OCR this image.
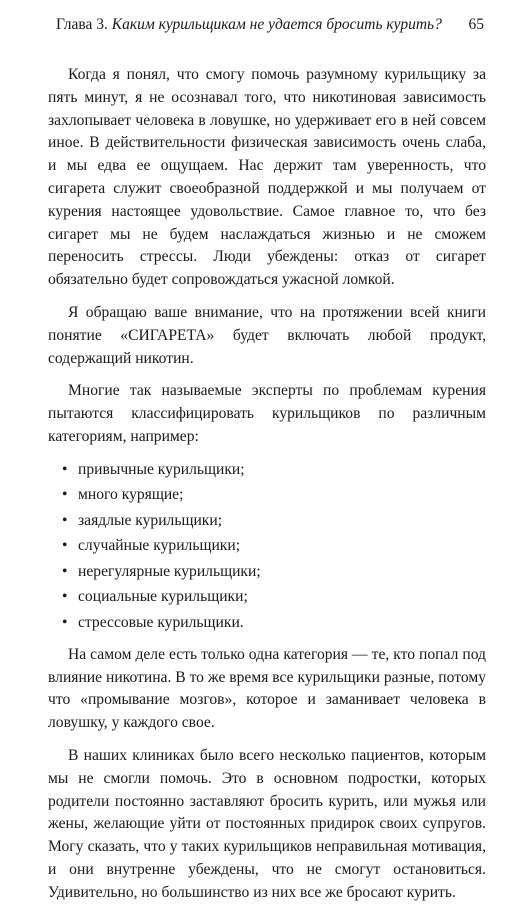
Глава 3. Каким курильщикам не удается бросить курить? 65

Когда я понял, что смогу помочь разумному курильщику за пять минут, я не осознавал того, что никотиновая зависимость захлопывает человека в ловушке, но удерживает его в ней совсем иное. В действительности физическая зависимость очень слаба, и мы едва ее ощущаем. Нас держит там уверенность, что сигарета служит своеобразной поддержкой и мы получаем от курения настоящее удовольствие. Самое главное то, что без сигарет мы не будем наслаждаться жизнью и не сможем переносить стрессы. Люди убеждены: отказ от сигарет обязательно будет сопровождаться ужасной ломкой.

Я обращаю ваше внимание, что на протяжении всей книги понятие «СИГАРЕТА» будет включать любой продукт, содержащий никотин.

Многие так называемые эксперты по проблемам курения пытаются классифицировать курильщиков по различным категориям, например:

• привычные курильщики;
• много курящие;
• заядлые курильщики;
• случайные курильщики;
• нерегулярные курильщики;
• социальные курильщики;
• стрессовые курильщики.

На самом деле есть только одна категория — те, кто попал под влияние никотина. В то же время все курильщики разные, потому что «промывание мозгов», которое и заманивает человека в ловушку, у каждого свое.

В наших клиниках было всего несколько пациентов, которым мы не смогли помочь. Это в основном подростки, которых родители постоянно заставляют бросить курить, или мужья или жены, желающие уйти от постоянных придирок своих супругов. Могу сказать, что у таких курильщиков неправильная мотивация, и они внутренне убеждены, что не смогут остановиться. Удивительно, но большинство из них все же бросают курить.
